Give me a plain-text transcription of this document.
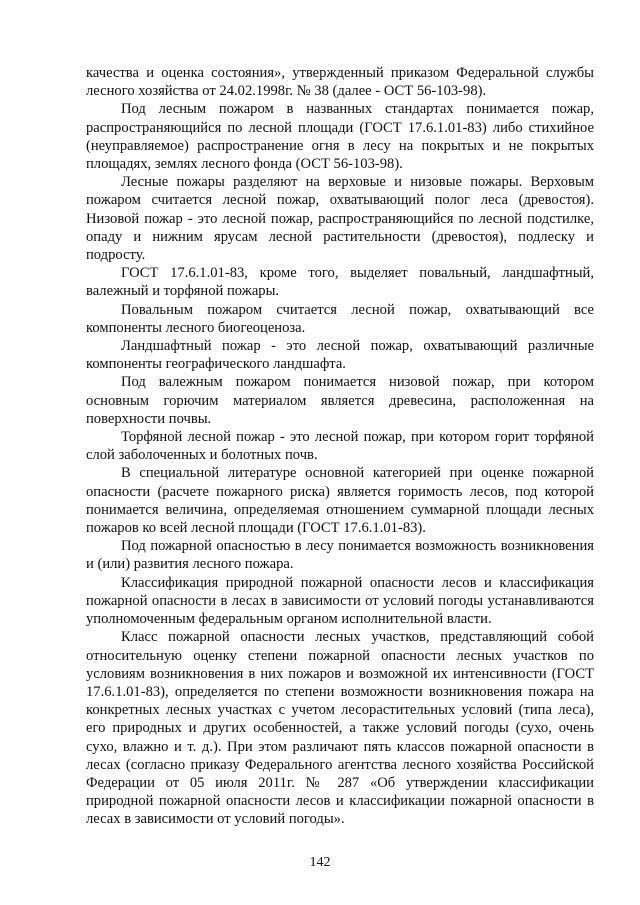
качества и оценка состояния», утвержденный приказом Федеральной службы лесного хозяйства от 24.02.1998г. № 38 (далее - ОСТ 56-103-98).

Под лесным пожаром в названных стандартах понимается пожар, распространяющийся по лесной площади (ГОСТ 17.6.1.01-83) либо стихийное (неуправляемое) распространение огня в лесу на покрытых и не покрытых площадях, землях лесного фонда (ОСТ 56-103-98).

Лесные пожары разделяют на верховые и низовые пожары. Верховым пожаром считается лесной пожар, охватывающий полог леса (древостоя). Низовой пожар - это лесной пожар, распространяющийся по лесной подстилке, опаду и нижним ярусам лесной растительности (древостоя), подлеску и подросту.

ГОСТ 17.6.1.01-83, кроме того, выделяет повальный, ландшафтный, валежный и торфяной пожары.

Повальным пожаром считается лесной пожар, охватывающий все компоненты лесного биогеоценоза.

Ландшафтный пожар - это лесной пожар, охватывающий различные компоненты географического ландшафта.

Под валежным пожаром понимается низовой пожар, при котором основным горючим материалом является древесина, расположенная на поверхности почвы.

Торфяной лесной пожар - это лесной пожар, при котором горит торфяной слой заболоченных и болотных почв.

В специальной литературе основной категорией при оценке пожарной опасности (расчете пожарного риска) является горимость лесов, под которой понимается величина, определяемая отношением суммарной площади лесных пожаров ко всей лесной площади (ГОСТ 17.6.1.01-83).

Под пожарной опасностью в лесу понимается возможность возникновения и (или) развития лесного пожара.

Классификация природной пожарной опасности лесов и классификация пожарной опасности в лесах в зависимости от условий погоды устанавливаются уполномоченным федеральным органом исполнительной власти.

Класс пожарной опасности лесных участков, представляющий собой относительную оценку степени пожарной опасности лесных участков по условиям возникновения в них пожаров и возможной их интенсивности (ГОСТ 17.6.1.01-83), определяется по степени возможности возникновения пожара на конкретных лесных участках с учетом лесорастительных условий (типа леса), его природных и других особенностей, а также условий погоды (сухо, очень сухо, влажно и т. д.). При этом различают пять классов пожарной опасности в лесах (согласно приказу Федерального агентства лесного хозяйства Российской Федерации от 05 июля 2011г. № 287 «Об утверждении классификации природной пожарной опасности лесов и классификации пожарной опасности в лесах в зависимости от условий погоды».

142
